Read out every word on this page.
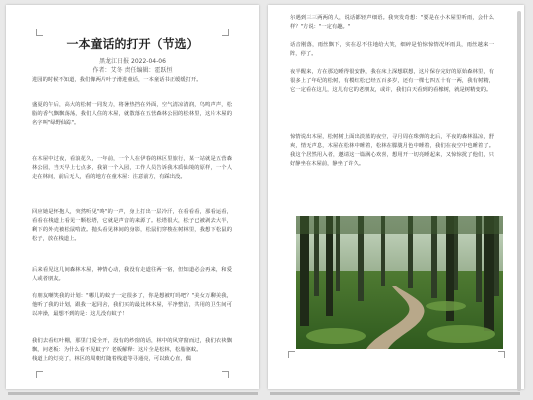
一本童话的打开（节选）
黑龙江日报 2022-04-06
作者：艾冬 责任编辑：霍跃恒
进园的时候不知道，我们像两片叶子滑进童话，一本童话书正缓缓打开。
盛夏的午后，高大的松树一同发力，将暑热挡在外面，空气清凉清润，鸟鸣声声，松脂的香气飘飘荡荡，我们人住的木屋，就散落在五营森林公园的松林里，这片木屋的名字叫"绿野仙踪"。
在木屋中过夜，看浪花久，一年前，一个人在伊春的林区里旅行，某一站就是五营森林公园，当天早上七点多，我第一个入园，工作人员告诉我木质仙境的原样，一个人走在林间，前后无人，看的地方在童木屋：注意前方，有踩出没。
回应她是怀抱人，突然听见"咚"的一声，身上打出一层冷汗，在看看看，那看运看，看看在栈道上看见一颗松塔，它就是声音的来源了。松塔很大，松子已被剥去大半，剩下的外壳被松鼠啃渣。抛头看见林间的身影，松鼠们穿梭在树林里，我想下松鼠的松子，放在栈道上。
后来看见这几间森林木屋，神情心动，我没有走道往两一宿，但知道必会再来，和爱人或者朋友。
有朋友嘲笑我的计划："哪儿的蚊子一定很多了，你是想被叮吗吧？"美女万聊美我，他听了我的计划，跟我一起同舍，我们买的最比林木屋，平净整洁，共用的卫生间可以冲澡，最想不到的是：这儿没有蚊子！
我们去看红叶棚，那里门爱全开，没有的纱窗的话，林中的风穿窗而过，我们衣袂飘飘，问老板：为什么看不见蚊子？老板解释：这片全是松林，松脂驱蚊。
栈道上的灯亮了，林区的周朝灯随着栈道等寻通亮，可以致心直，偶
尔遇到三三两两的人，说话都轻声细语。我突发奇想："要是在小木屋里听雨，会什么样？"方说："一定有趣。"
话音刚落，雨丝飘下，实在忍不住地给大笑，细碎是怕惊惊情况坏雨具，雨丝越来一阵，停了。
夜半醒来，方在那边睡得很安静，我在床上深想联想，这片保存完好的原始森林里，有很多上了年纪的松树，有模红松已经五百多岁，还有一棵七四五十有一两，我有树精，它一定看在这儿，这儿有它的老朋友，或许，我们白天看到的看橡树，就是树精变的。
惊情说出木屋，松树树上面出淡蓝的夜空，寻月周在珠弹的北后，平夜的森林温凉，舒爽，情无声息，木屋在松林中睡着，松林在朦胧月色中睡着，我们在夜空中也睡着了。我这个居然用入者，邀请这一篇满心欢喜，想用开一切亮睡起来，又惊惊扰了他们，只好静坐在木屋前，静坐了许久。
